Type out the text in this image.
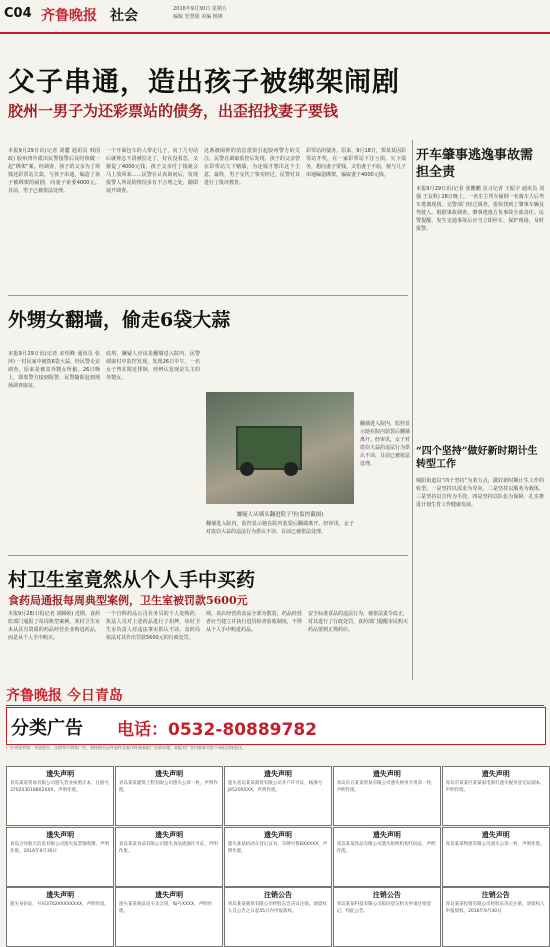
C04 齐鲁晚报 社会	2016年9月30日 星期五
编辑 管慧娟 美编 杨锋
父子串通，造出孩子被绑架闹剧
胶州一男子为还彩票站的债务，出歪招找妻子要钱
本报9月29日讯(记者 刘麓 通讯员 韩国政) 胶州四中派出民警接警后及时侦破一起“绑架”案。经调查，孩子的父亲为了筹钱还彩票站欠款，与孩子串通，编造了孩子被绑架的闹剧，向妻子索要4000元。目前，男子已被依法处理。
一个开面包车的人带走儿子，向丁几句话后就神志不清被拉走了，好在没着急，又催促了4000元钱，孩子父亲付了钱就会马上放回来……民警在认真询问后，发现报警人所说的情况多有不合理之处，随即展开调查。
这条被闹钟的消息很快引起胶州警方的关注，民警在调取监控后发现，孩子的父亲曾在彩票站欠下赌债，为还钱才想出这个主意。最终，男子交代了事实经过，民警对其进行了批评教育。
彩票站的债务。原来，9月18日，郑某某因彩票站开奖，在一家彩票站下注亏损，欠下债务，想向妻子要钱，又怕妻子不给，便与儿子串通编造绑架，骗取妻子4000元钱。
外甥女翻墙，偷走6袋大蒜
本报9月29日讯(记者 宋绍峰 通讯员 张萍) 一村民家中被盗6袋大蒜，经民警走访调查，原来是被其外甥女所偷。26日晚上，即墨警方接到报警，民警随即赶到现场调查取证。
底坝，嫌疑人应该是翻墙进入院内。民警调取村中监控发现，发现26日中午，一名女子曾在附近徘徊，经辨认发现是失主的外甥女。
嫌疑人从墙头翻进院子里(监控截图)
翻墙进入院内，监控显示她在院内装袋后翻墙离开。经审讯，女子对盗窃大蒜的违法行为供认不讳，目前已被依法处理。
翻墙进入院内，监控显示她在院内装袋后翻墙离开。经审讯，女子对盗窃大蒜的违法行为供认不讳，目前已被依法处理。
村卫生室竟然从个人手中买药
食药局通报每周典型案例，卫生室被罚款5600元
本报9月28日讯(记者 刘腾蛟) 近期，食药监部门通报了每周典型案例。某村卫生室未从具有资质的药品经营企业购进药品，而是从个人手中购买。
一个自称药品公司业务员的个人处购药，执法人员对上述药品进行了扣押，该村卫生室负责人对违法事实供认不讳，食药局依法对其作出罚款5600元的行政处罚。
则，该店经营的食品全部为散装，药品经营者应当建立并执行进货检查验收制度，不得从个人手中购进药品。
安全标准食品的违法行为，被依法责令改正，对其进行了行政处罚，食药部门提醒市民购买药品要到正规药店。
开车肇事逃逸事故需担全责
本报9月29日讯(记者 张鹏鹏 见习记者 王振宇 通讯员 刘强 王友科) 28日晚上，一名车主驾车撞倒一名骑车人后驾车逃离现场。交警部门经过调查，很快找到了肇事车辆及驾驶人。根据事故调查，肇事逃逸方负事故全部责任。民警提醒，发生交通事故后应当立即停车，保护现场，及时报警。
“四个坚持”做好新时期计生转型工作
城阳街道以“四个坚持”为着力点，做好新时期计生工作的转型。一是坚持以需求为导向，二是坚持以服务为载体，三是坚持以宣传为手段，四是坚持以队伍为保障，扎实推进计划生育工作健康发展。
齐鲁晚报 今日青岛
分类广告 电话：0532-80889782
广告刊登须知：刊登遗失、注销等声明类广告，须持相关证件原件及复印件到本报广告部办理，本报对广告内容真实性不承担法律责任。
遗失声明
青岛某某贸易有限公司遗失营业执照正本，注册号370203018802XXX，声明作废。
遗失声明
青岛某某建筑工程有限公司遗失公章一枚，声明作废。
遗失声明
遗失青岛某某商贸有限公司开户许可证，核准号J4520XXXX，声明作废。
遗失声明
青岛东方某某贸易有限公司遗失财务专用章一枚，声明作废。
遗失声明
青岛市某某区某某家电商行遗失税务登记证副本，声明作废。
遗失声明
青岛合谷航天信息有限公司遗失发票领购簿，声明作废。2016年9月30日
遗失声明
青岛某某食品有限公司遗失食品流通许可证，声明作废。
遗失声明
遗失某某机动车登记证书，车牌号鲁BXXXXX，声明作废。
遗失声明
青岛某某饮品有限公司遗失组织机构代码证，声明作废。
遗失声明
青岛某某物流有限公司遗失公章一枚，声明作废。
遗失声明
遗失身份证，号码3702XXXXXXXX，声明作废。
遗失声明
遗失某某商品房买卖合同，编号XXXX，声明作废。
注销公告
青岛某某商贸有限公司经股东会决议注销，请债权人自公告之日起45日内申报债权。
注销公告
青岛某某科技有限公司拟向登记机关申请注销登记，特此公告。
注销公告
青岛某某投资有限公司经股东决定注销，请债权人申报债权。2016年9月30日
